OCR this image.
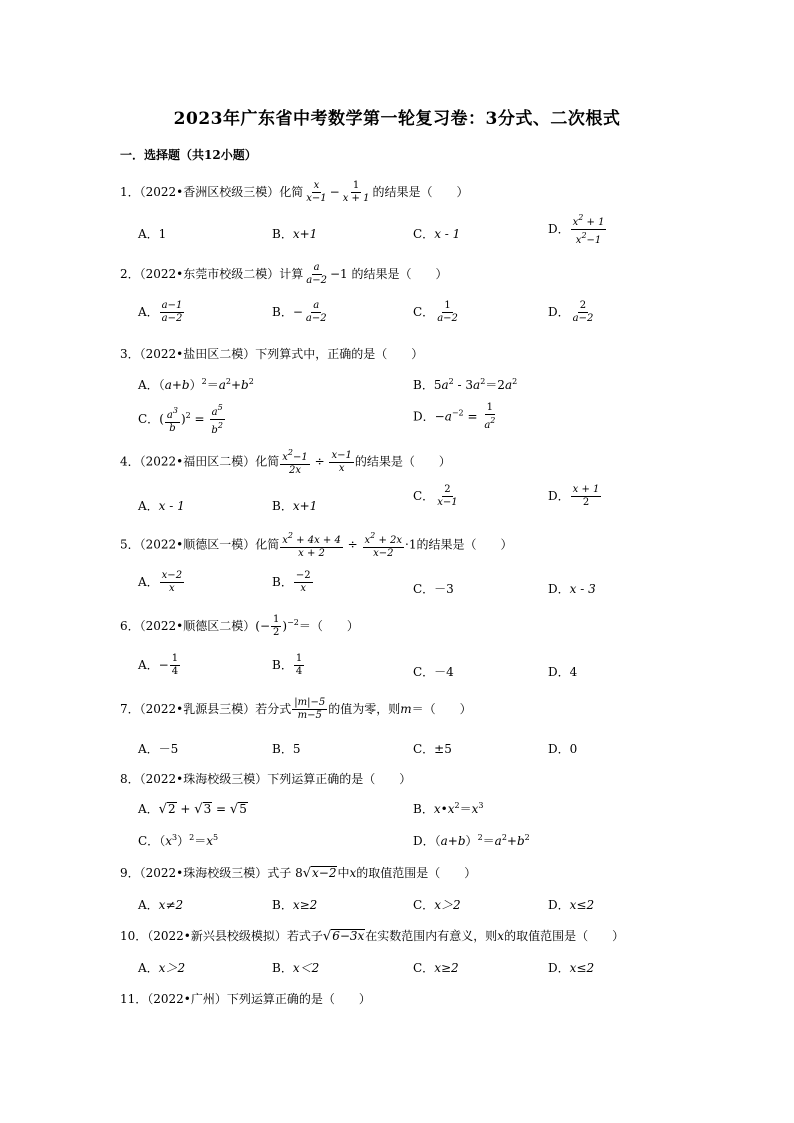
2023年广东省中考数学第一轮复习卷：3分式、二次根式
一．选择题（共12小题）
1．（2022•香洲区校级三模）化简 $\frac{x}{x-1} - \frac{1}{x + 1}$ 的结果是（　　）
A．1	B．x+1	C．x - 1	D． $\frac{x^2 + 1}{x^2-1}$
2．（2022•东莞市校级二模）计算 $\frac{a}{a-2} -1$ 的结果是（　　）
A． $\frac{a-1}{a-2}$	B．− $\frac{a}{a-2}$	C． $\frac{1}{a-2}$	D． $\frac{2}{a-2}$
3．（2022•盐田区二模）下列算式中，正确的是（　　）
A．$(a+b)^2=a^2+b^2$	B．$5a^2 - 3a^2=2a^2$
C．( $\frac{a^3}{b} )^2 = \frac{a^5}{b^2}$	D．$-a^{-2} = \frac{1}{a^2}$
4．（2022•福田区二模）化简 $\frac{x^2-1}{2x} \div \frac{x-1}{x}$ 的结果是（　　）
A．x - 1	B．x+1
C． $\frac{2}{x-1}$	D． $\frac{x + 1}{2}$
5．（2022•顺德区一模）化简 $\frac{x^2 + 4x + 4}{x + 2} \div \frac{x^2 + 2x}{x-2} \cdot 1$的结果是（　　）
A． $\frac{x-2}{x}$	B． $\frac{-2}{x}$	C．－3	D．x - 3
6．（2022•顺德区二模）(− $\frac{1}{2} )^{-2}=$（　　）
A．− $\frac{1}{4}$	B． $\frac{1}{4}$	C．－4	D．4
7．（2022•乳源县三模）若分式 $\frac{|m|-5}{m-5}$ 的值为零，则m＝（　　）
A．－5	B．5	C．±5	D．0
8．（2022•珠海校级三模）下列运算正确的是（　　）
A．√2 + √3 = √5	B．$x•x^2=x^3$
C．$(x^3)^2=x^5$	D．$(a+b)^2=a^2+b^2$
9．（2022•珠海校级三模）式子 8√x−2中x的取值范围是（　　）
A．x≠2	B．x≥2	C．x＞2	D．x≤2
10．（2022•新兴县校级模拟）若式子√6−3x在实数范围内有意义，则x的取值范围是（　　）
A．x＞2	B．x＜2	C．x≥2	D．x≤2
11．（2022•广州）下列运算正确的是（　　）
